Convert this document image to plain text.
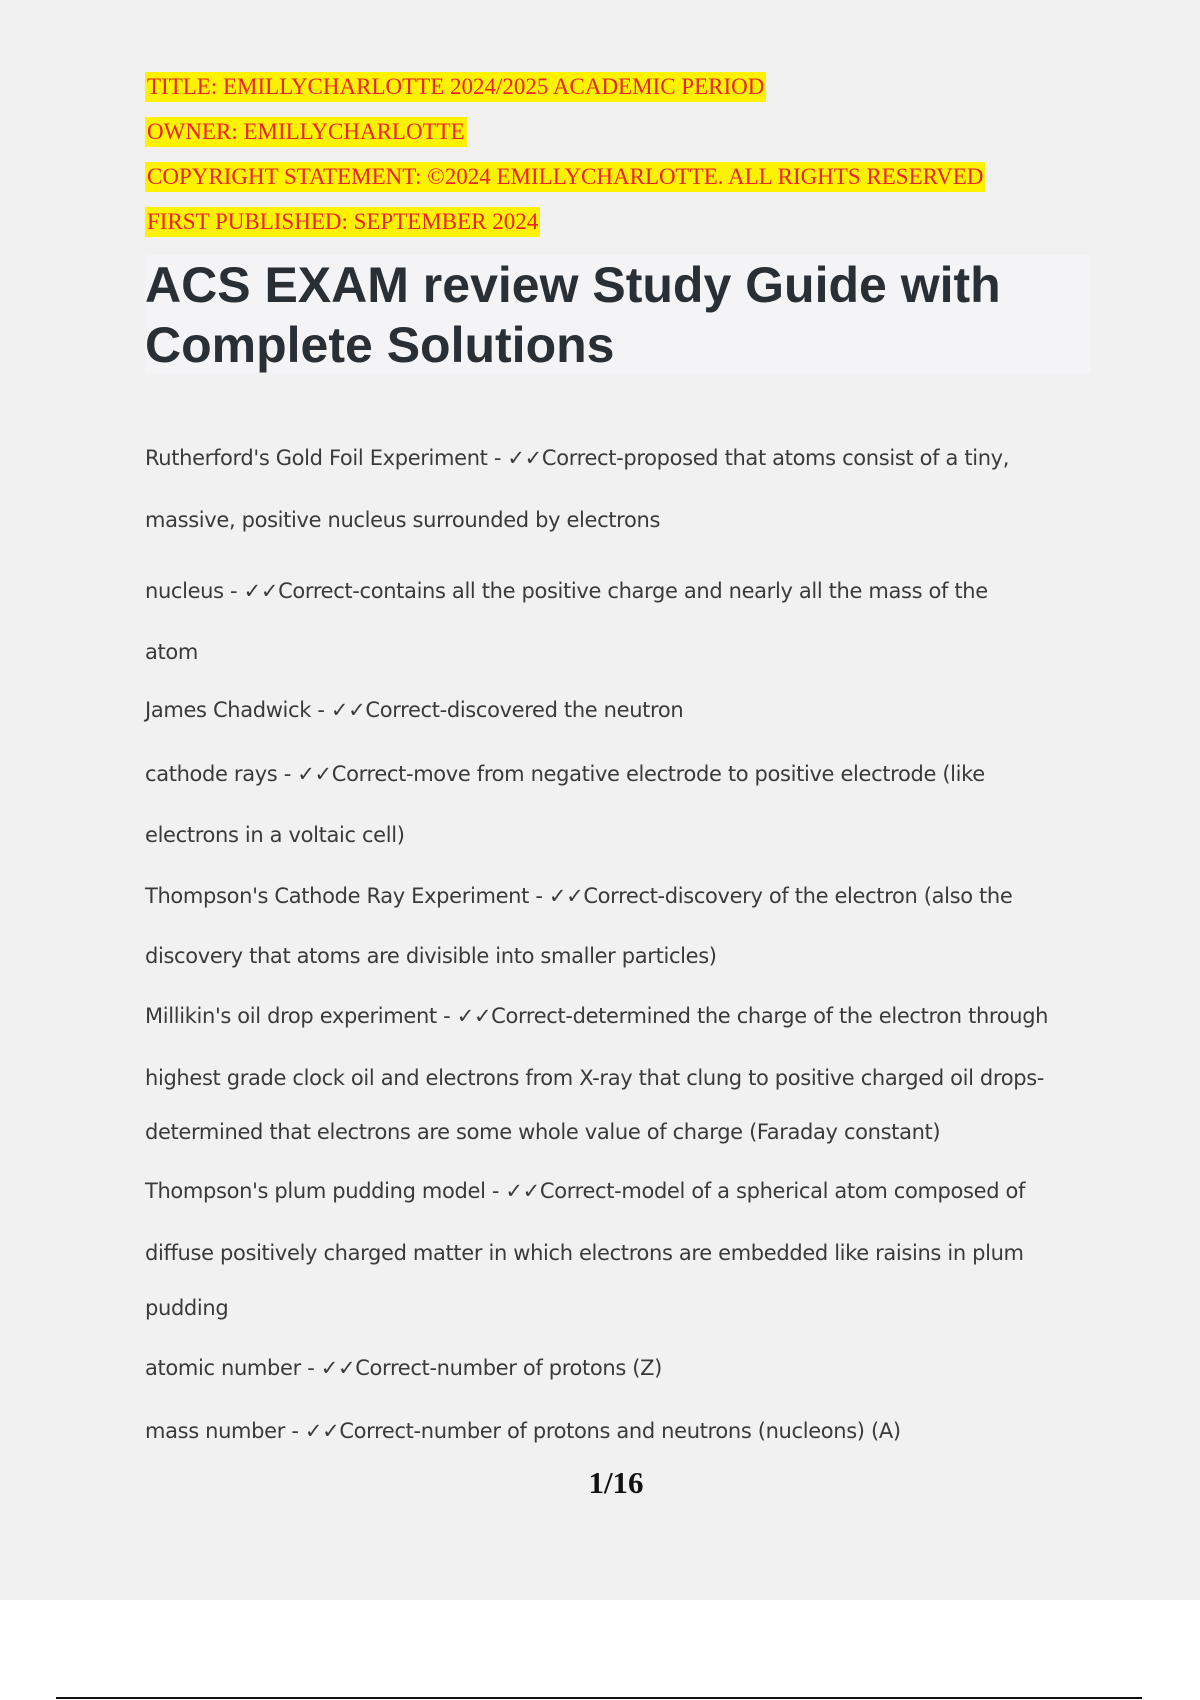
TITLE: EMILLYCHARLOTTE 2024/2025 ACADEMIC PERIOD
OWNER: EMILLYCHARLOTTE
COPYRIGHT STATEMENT: ©2024 EMILLYCHARLOTTE. ALL RIGHTS RESERVED
FIRST PUBLISHED: SEPTEMBER 2024
ACS EXAM review Study Guide with
Complete Solutions
Rutherford's Gold Foil Experiment - ✓✓Correct-proposed that atoms consist of a tiny,
massive, positive nucleus surrounded by electrons
nucleus - ✓✓Correct-contains all the positive charge and nearly all the mass of the
atom
James Chadwick - ✓✓Correct-discovered the neutron
cathode rays - ✓✓Correct-move from negative electrode to positive electrode (like
electrons in a voltaic cell)
Thompson's Cathode Ray Experiment - ✓✓Correct-discovery of the electron (also the
discovery that atoms are divisible into smaller particles)
Millikin's oil drop experiment - ✓✓Correct-determined the charge of the electron through
highest grade clock oil and electrons from X-ray that clung to positive charged oil drops-
determined that electrons are some whole value of charge (Faraday constant)
Thompson's plum pudding model - ✓✓Correct-model of a spherical atom composed of
diffuse positively charged matter in which electrons are embedded like raisins in plum
pudding
atomic number - ✓✓Correct-number of protons (Z)
mass number - ✓✓Correct-number of protons and neutrons (nucleons) (A)
1/16
